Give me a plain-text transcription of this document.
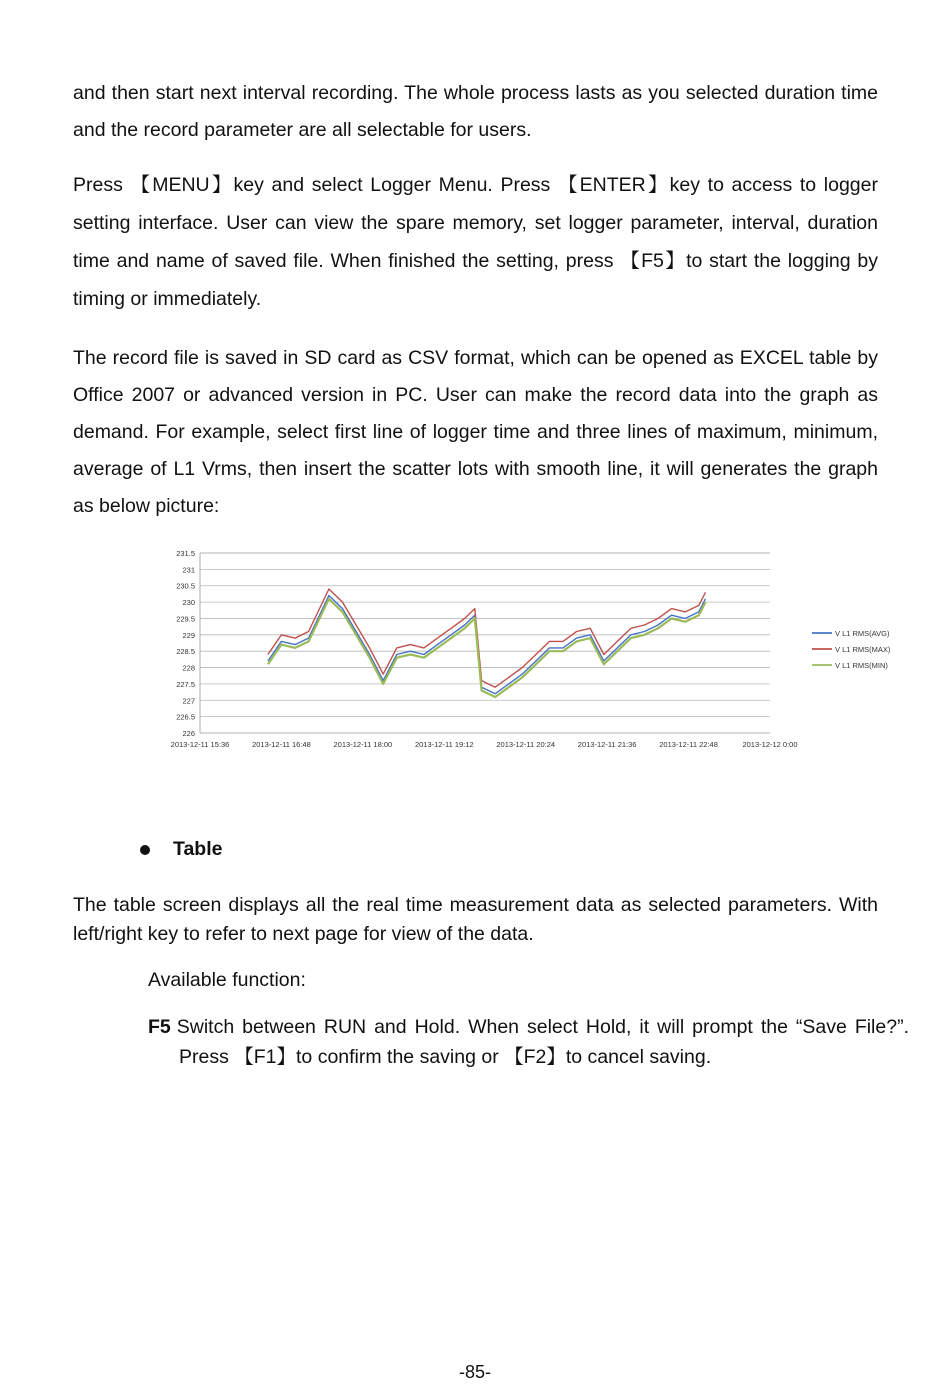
and then start next interval recording. The whole process lasts as you selected duration time and the record parameter are all selectable for users.

Press 【MENU】key and select Logger Menu. Press 【ENTER】key to access to logger setting interface. User can view the spare memory, set logger parameter, interval, duration time and name of saved file. When finished the setting, press 【F5】to start the logging by timing or immediately.

The record file is saved in SD card as CSV format, which can be opened as EXCEL table by Office 2007 or advanced version in PC. User can make the record data into the graph as demand. For example, select first line of logger time and three lines of maximum, minimum, average of L1 Vrms, then insert the scatter lots with smooth line, it will generates the graph as below picture:

231.5
231
230.5
230
229.5
229
228.5
228
227.5
227
226.5
226
2013-12-11 15:36	2013-12-11 16:48	2013-12-11 18:00	2013-12-11 19:12	2013-12-11 20:24	2013-12-11 21:36	2013-12-11 22:48	2013-12-12 0:00
V L1 RMS(AVG)
V L1 RMS(MAX)
V L1 RMS(MIN)
Table

The table screen displays all the real time measurement data as selected parameters. With left/right key to refer to next page for view of the data.

Available function:

F5 Switch between RUN and Hold. When select Hold, it will prompt the “Save File?”. Press 【F1】to confirm the saving or 【F2】to cancel saving.

-85-
